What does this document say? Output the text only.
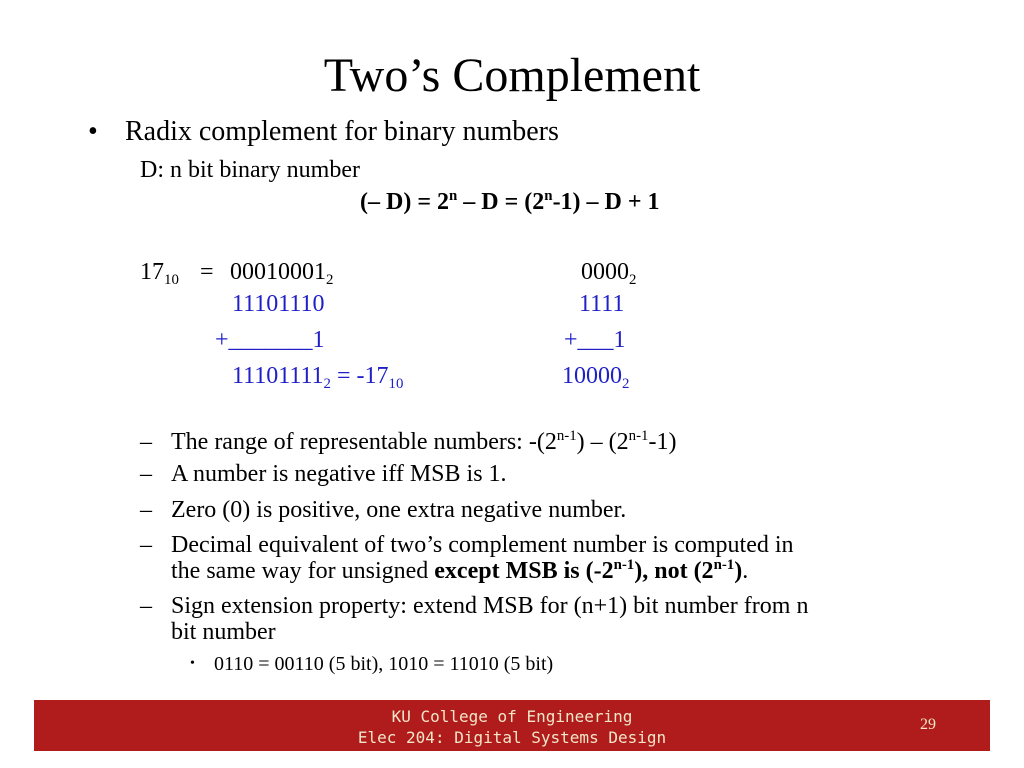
Two’s Complement
• Radix complement for binary numbers
D: n bit binary number
(– $D) = 2^n - D = (2^n-1) - D + 1$
$17_{10} = 00010001_2$
11101110
+_______1
$11101111_2 = -17_{10}$
$0000_2$
1111
+___1
$10000_2$
– The range of representable numbers: -(2$^{n-1}$) – (2$^{n-1}$-1)
– A number is negative iff MSB is 1.
– Zero (0) is positive, one extra negative number.
– Decimal equivalent of two’s complement number is computed in
the same way for unsigned except MSB is (-2$^{n-1}$), not (2$^{n-1}$).
– Sign extension property: extend MSB for (n+1) bit number from n
bit number
• 0110 = 00110 (5 bit), 1010 = 11010 (5 bit)
KU College of Engineering
Elec 204: Digital Systems Design
29
